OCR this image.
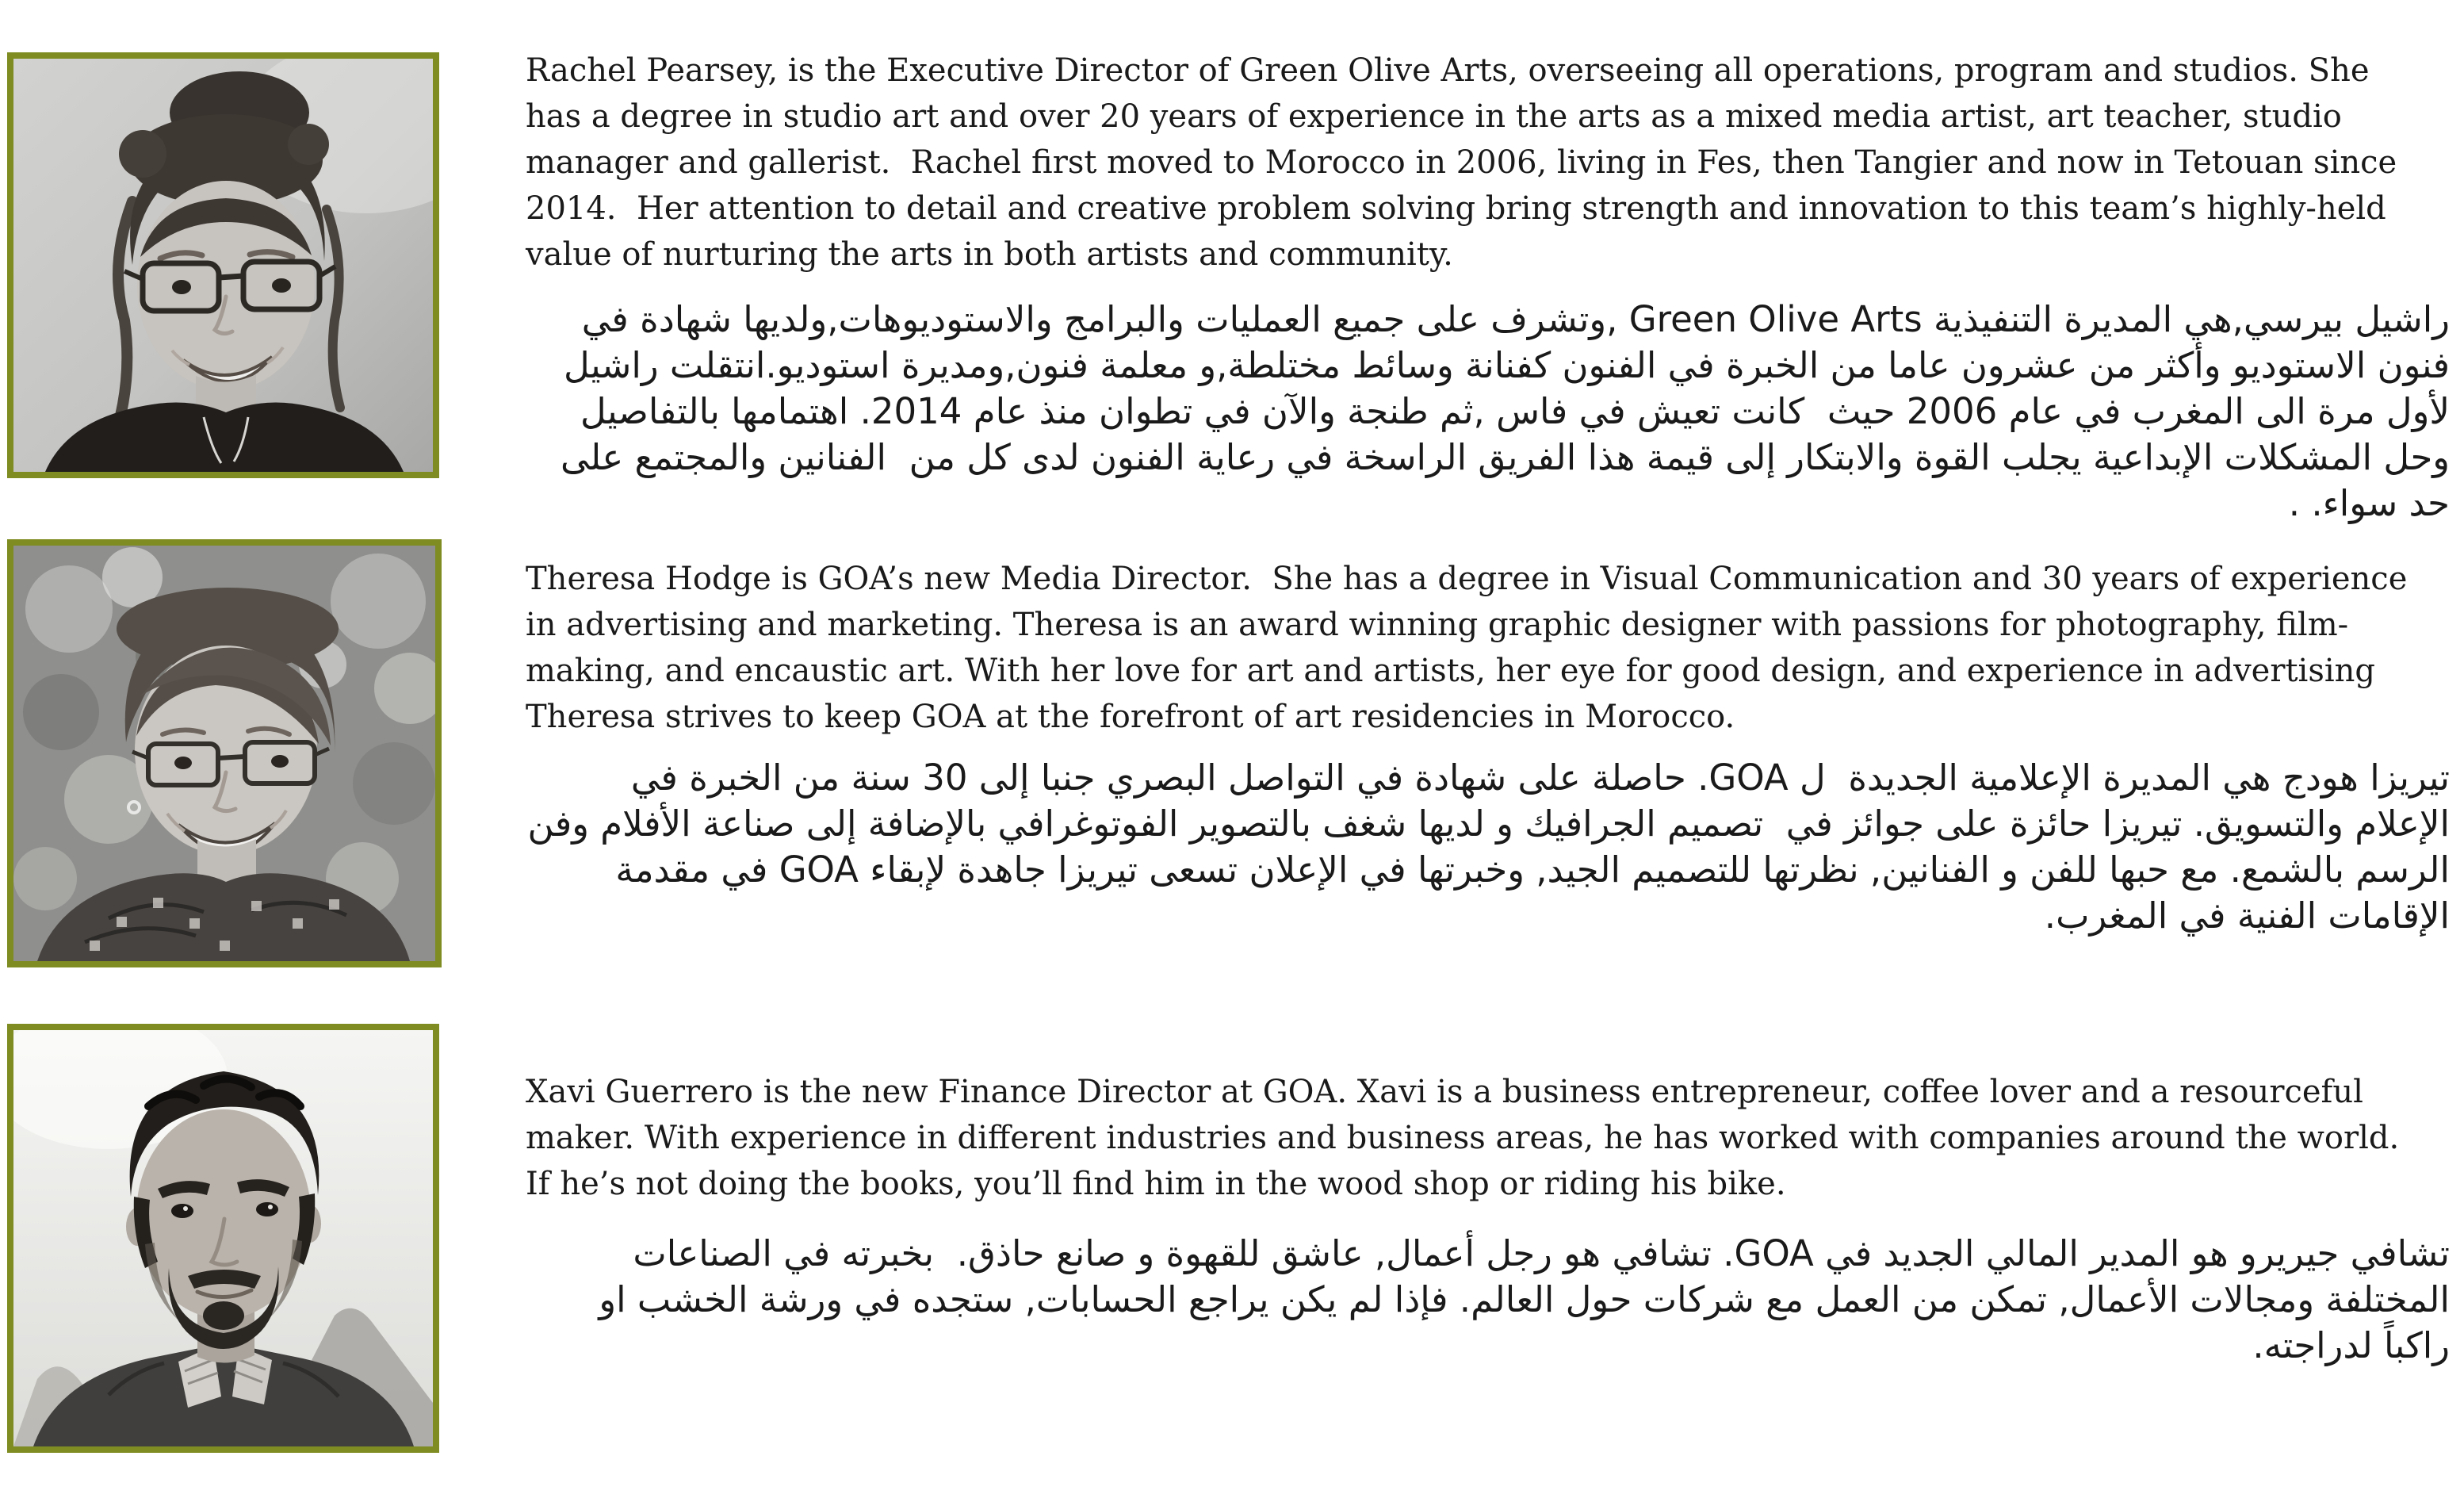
Rachel Pearsey, is the Executive Director of Green Olive Arts, overseeing all operations, program and studios. She has a degree in studio art and over 20 years of experience in the arts as a mixed media artist, art teacher, studio manager and gallerist.  Rachel first moved to Morocco in 2006, living in Fes, then Tangier and now in Tetouan since 2014.  Her attention to detail and creative problem solving bring strength and innovation to this team’s highly-held value of nurturing the arts in both artists and community.

راشيل بيرسي,هي المديرة التنفيذية Green Olive Arts ,وتشرف على جميع العمليات والبرامج والاستوديوهات,ولديها شهادة في فنون الاستوديو وأكثر من عشرون عاما من الخبرة في الفنون كفنانة وسائط مختلطة,و معلمة فنون,ومديرة استوديو.انتقلت راشيل لأول مرة الى المغرب في عام 2006 حيث  كانت تعيش في فاس ,ثم طنجة والآن في تطوان منذ عام 2014. اهتمامها بالتفاصيل وحل المشكلات الإبداعية يجلب القوة والابتكار إلى قيمة هذا الفريق الراسخة في رعاية الفنون لدى كل من  الفنانين والمجتمع على حد سواء. .

Theresa Hodge is GOA’s new Media Director.  She has a degree in Visual Communication and 30 years of experience in advertising and marketing. Theresa is an award winning graphic designer with passions for photography, film-making, and encaustic art. With her love for art and artists, her eye for good design, and experience in advertising Theresa strives to keep GOA at the forefront of art residencies in Morocco.

تيريزا هودج هي المديرة الإعلامية الجديدة  ل GOA. حاصلة على شهادة في التواصل البصري جنبا إلى 30 سنة من الخبرة في الإعلام والتسويق. تيريزا حائزة على جوائز في  تصميم الجرافيك و لديها شغف بالتصوير الفوتوغرافي بالإضافة إلى صناعة الأفلام وفن الرسم بالشمع. مع حبها للفن و الفنانين, نظرتها للتصميم الجيد, وخبرتها في الإعلان تسعى تيريزا جاهدة لإبقاء GOA في مقدمة الإقامات الفنية في المغرب.

Xavi Guerrero is the new Finance Director at GOA. Xavi is a business entrepreneur, coffee lover and a resourceful maker. With experience in different industries and business areas, he has worked with companies around the world. If he’s not doing the books, you’ll find him in the wood shop or riding his bike.

تشافي جيريرو هو المدير المالي الجديد في GOA. تشافي هو رجل أعمال, عاشق للقهوة و صانع حاذق.  بخبرته في الصناعات المختلفة ومجالات الأعمال, تمكن من العمل مع شركات حول العالم. فإذا لم يكن يراجع الحسابات, ستجده في ورشة الخشب او راكباً لدراجته.
